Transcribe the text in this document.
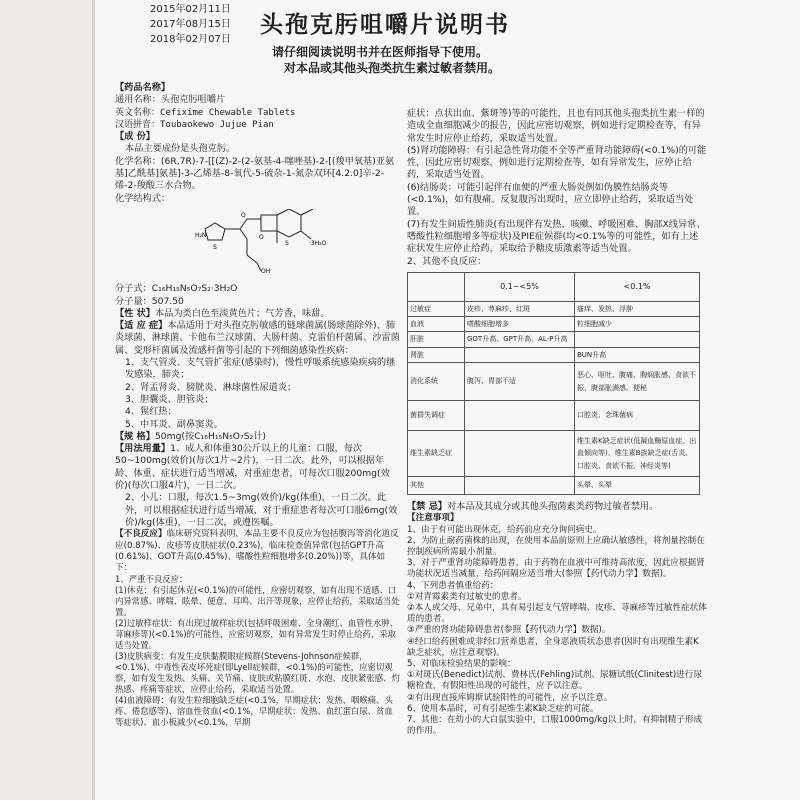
2015年02月11日
2017年08月15日
2018年02月07日
头孢克肟咀嚼片说明书
请仔细阅读说明书并在医师指导下使用。
对本品或其他头孢类抗生素过敏者禁用。

【药品名称】

通用名称：头孢克肟咀嚼片

英文名称：Cefixime Chewable Tablets

汉语拼音：Toubaokewo Jujue Pian

【成 份】

本品主要成份是头孢克肟。

化学名称：(6R,7R)-7-[[(Z)-2-(2-氨基-4-噻唑基)-2-[(羧甲氧基)亚氨基]乙酰基]氨基]-3-乙烯基-8-氧代-5-硫杂-1-氮杂双环[4.2.0]辛-2-烯-2-羧酸三水合物。

化学结构式：

H₂N
S
O
O
S	·3H₂O
OH

分子式：C₁₆H₁₅N₅O₇S₂·3H₂O

分子量：507.50

【性 状】本品为类白色至淡黄色片；气芳香，味甜。

【适 应 症】本品适用于对头孢克肟敏感的链球菌属(肠球菌除外)、肺炎球菌、淋球菌、卡他布兰汉球菌、大肠杆菌、克雷伯杆菌属、沙雷菌属、变形杆菌属及流感杆菌等引起的下列细菌感染性疾病：

1、支气管炎、支气管扩张症(感染时)，慢性呼吸系统感染疾病的继发感染，肺炎；

2、肾盂肾炎、膀胱炎、淋球菌性尿道炎；

3、胆囊炎、胆管炎；

4、猩红热；

5、中耳炎、副鼻窦炎。

【规 格】50mg(按C₁₆H₁₅N₅O₇S₂计)

【用法用量】1、成人和体重30公斤以上的儿童：口服，每次50~100mg(效价)(每次1片~2片)，一日二次。此外，可以根据年龄、体重、症状进行适当增减，对重症患者，可每次口服200mg(效价)(每次口服4片)，一日二次。

2、小儿：口服，每次1.5~3mg(效价)/kg(体重)，一日二次。此外，可以根据症状进行适当增减，对于重症患者每次可口服6mg(效价)/kg(体重)，一日二次，或遵医嘱。

【不良反应】临床研究资料表明，本品主要不良反应为包括腹泻等消化道反应(0.87%)、皮疹等皮肤症状(0.23%)，临床检查值异常(包括GPT升高(0.61%)、GOT升高(0.45%)、嗜酸性粒细胞增多(0.20%))等，具体如下：

1、严重不良反应：

(1)休克：有引起休克(<0.1%)的可能性，应密切观察，如有出现不适感、口内异常感、哮喘、眩晕、便意、耳鸣、出汗等现象，应停止给药，采取适当处置。

(2)过敏样症状：有出现过敏样症状(包括呼吸困难、全身潮红、血管性水肿、荨麻疹等)(<0.1%)的可能性，应密切观察，如有异常发生时停止给药，采取适当处置。

(3)皮肤病变：有发生皮肤黏膜眼症候群(Stevens-Johnson症候群，<0.1%)、中毒性表皮坏死症(即Lyell症候群，<0.1%)的可能性，应密切观察，如有发生发热、头痛、关节痛、皮肤或粘膜红斑、水泡、皮肤紧张感、灼热感、疼痛等症状，应停止给药，采取适当处置。

(4)血液障碍：有发生粒细胞缺乏症(<0.1%，早期症状：发热、咽喉痛、头疼、倦怠感等)、溶血性贫血(<0.1%，早期症状：发热、血红蛋白尿、贫血等症状)、血小板减少(<0.1%，早期

症状：点状出血、紫斑等)等的可能性，且也有同其他头孢类抗生素一样的造成全血细胞减少的报告，因此应密切观察，例如进行定期检查等，有异常发生时应停止给药，采取适当处置。

(5)肾功能障碍：有引起急性肾功能不全等严重肾功能障碍(<0.1%)的可能性，因此应密切观察，例如进行定期检查等，如有异常发生，应停止给药，采取适当处置。

(6)结肠炎：可能引起伴有血便的严重大肠炎例如伪膜性结肠炎等(<0.1%)，如有腹痛、反复腹泻出现时，应立即停止给药，采取适当处置。

(7)有发生间质性肺炎(有出现伴有发热、咳嗽、呼吸困难、胸部X线异常、嗜酸性粒细胞增多等症状)及PIE症候群(均<0.1%等的可能性，如有上述症状发生应停止给药，采取给予糖皮质激素等适当处置。

2、其他不良反应：

	0.1~<5%	<0.1%
过敏症	皮疹、荨麻疹、红斑	瘙痒、发热、浮肿
血液	嗜酸细胞增多	粒细胞减少
肝脏	GOT升高、GPT升高、AL-P升高	
肾脏		BUN升高
消化系统	腹泻、胃部不适	恶心、呕吐、腹痛、胸焖胀感、食欲不振、腹部胀满感、便秘
菌群失调症		口腔炎、念珠菌病
维生素缺乏症		维生素K缺乏症状(低凝血酶原血症、出血倾向等)、维生素B族缺乏症(舌炎、口腔炎、食欲不振、神经炎等)
其他		头晕、头晕

【禁 忌】对本品及其成分或其他头孢菌素类药物过敏者禁用。

【注意事项】

1、由于有可能出现休克，给药前应充分询问病史。

2、为防止耐药菌株的出现，在使用本品前原则上应确认敏感性，将剂量控制在控制疾病所需最小剂量。

3、对于严重肾功能障碍患者，由于药物在血液中可维持高浓度，因此应根据肾功能状况适当减量，给药间隔应适当增大(参照【药代动力学】数据)。

4、下列患者慎重给药：

①对青霉素类有过敏史的患者。

②本人或父母、兄弟中，具有易引起支气管哮喘、皮疹、荨麻疹等过敏性症状体质的患者。

③严重的肾功能障碍患者(参照【药代动力学】数据)。

④经口给药困难或非经口营养患者，全身恶液质状态患者(因时有出现维生素K缺乏症状，应注意观察)。

5、对临床检验结果的影响：

①对斑氏(Benedict)试剂、费林氏(Fehling)试剂、尿糖试纸(Clinitest)进行尿糖检查，有假阳性出现的可能性，应予以注意。

②有出现直接库姆斯试验阳性的可能性，应予以注意。

6、使用本品时，可有引起维生素K缺乏症的可能。

7、其他：在幼小的大白鼠实验中，口服1000mg/kg以上时，有抑制精子形成的作用。
